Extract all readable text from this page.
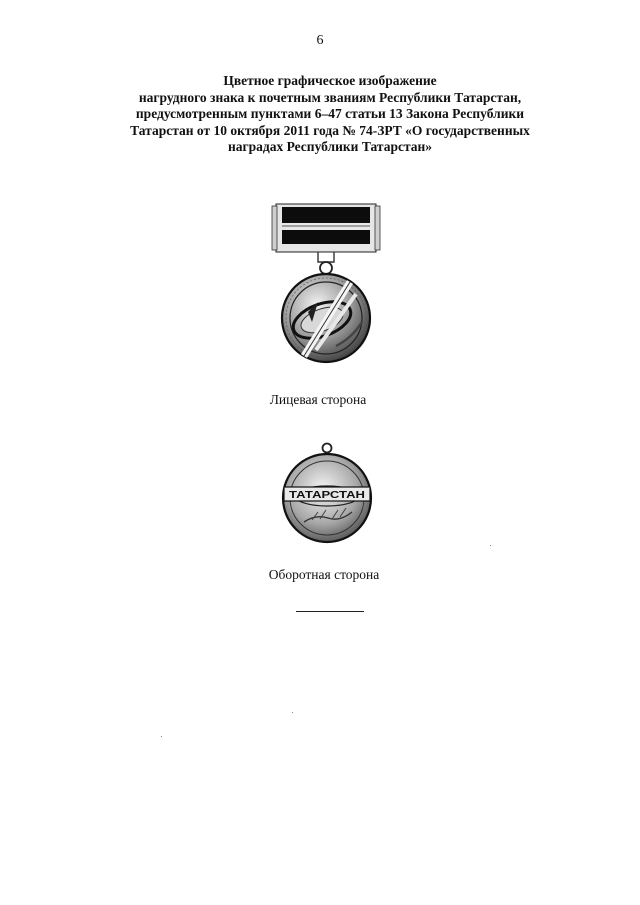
6
Цветное графическое изображение
нагрудного знака к почетным званиям Республики Татарстан,
предусмотренным пунктами 6–47 статьи 13 Закона Республики
Татарстан от 10 октября 2011 года № 74-ЗРТ «О государственных
наградах Республики Татарстан»
ТАТАРСТАН
Лицевая сторона
Оборотная сторона
